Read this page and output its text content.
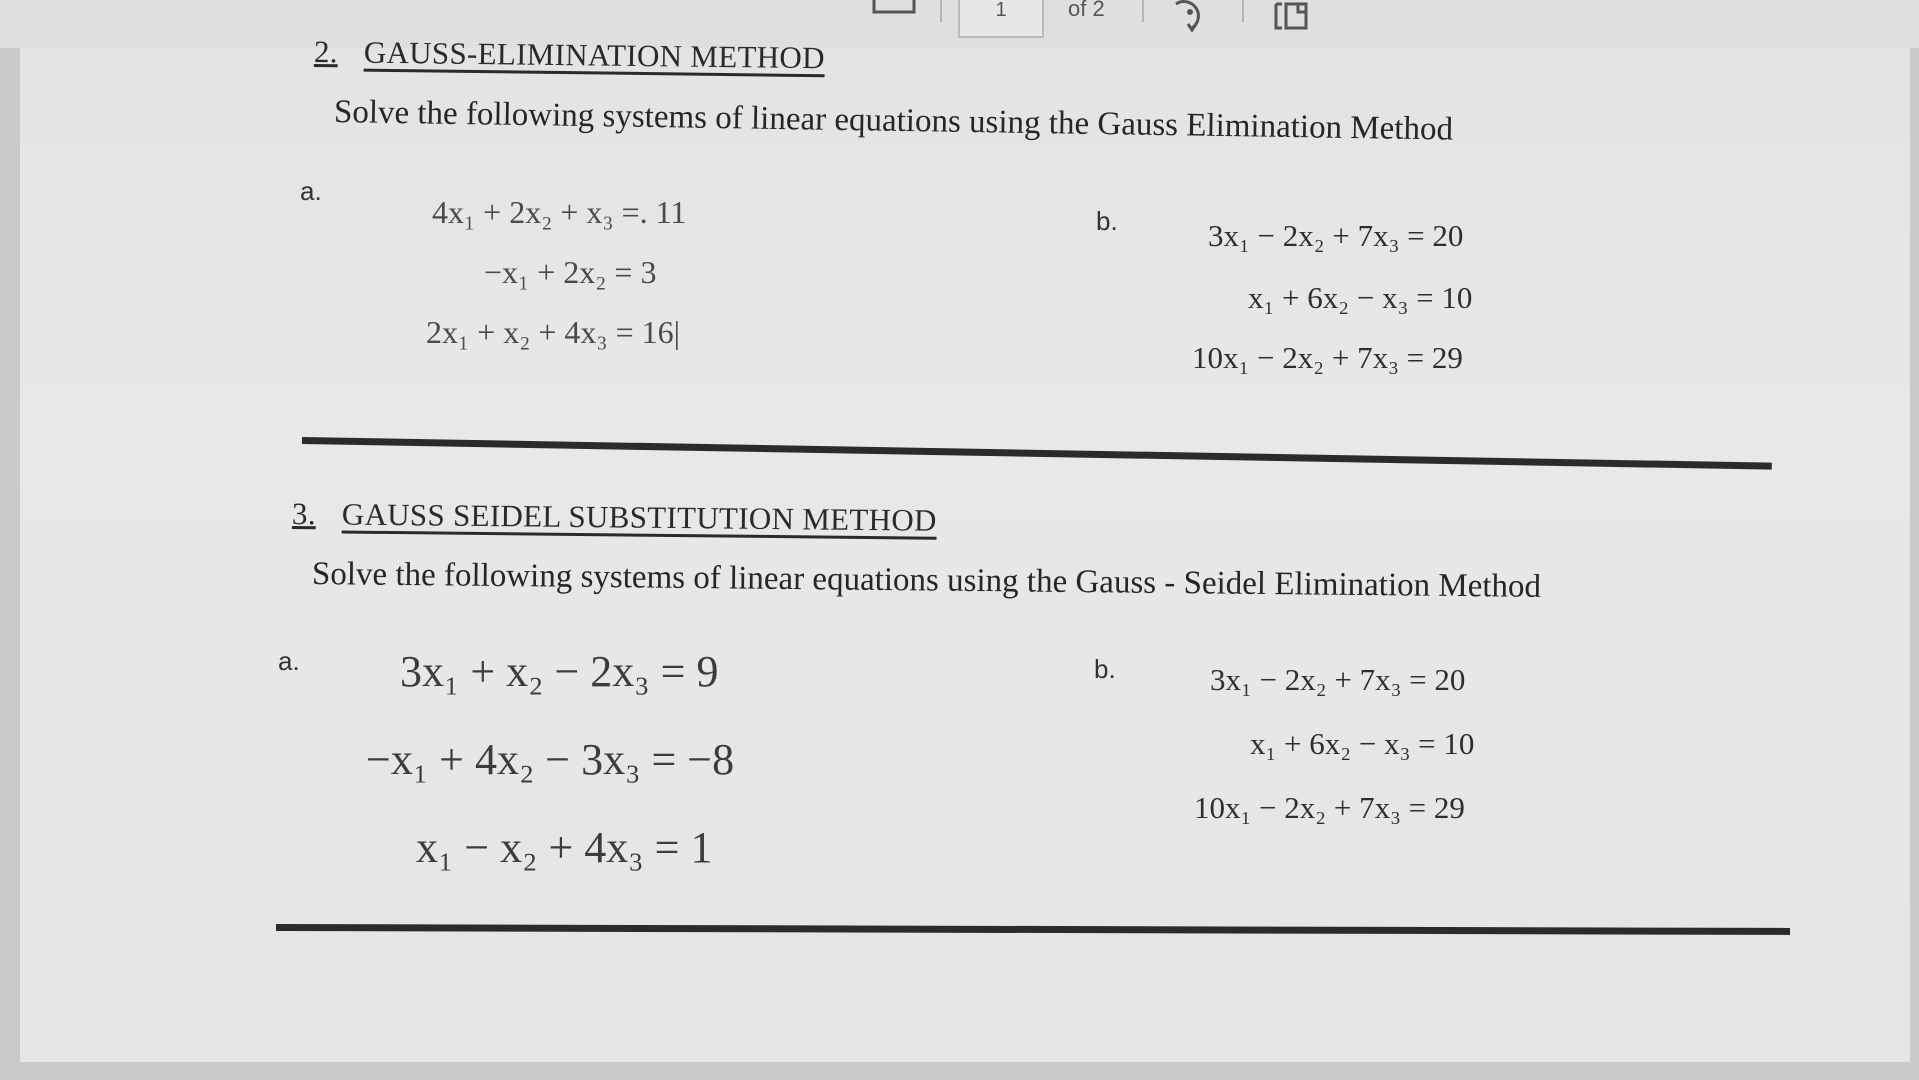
1	of 2
2. GAUSS-ELIMINATION METHOD
Solve the following systems of linear equations using the Gauss Elimination Method
a.
4x₁ + 2x₂ + x₃ =. 11
−x₁ + 2x₂ = 3
2x₁ + x₂ + 4x₃ = 16|
b.	3x₁ − 2x₂ + 7x₃ = 20
x₁ + 6x₂ − x₃ = 10
10x₁ − 2x₂ + 7x₃ = 29
3. GAUSS SEIDEL SUBSTITUTION METHOD
Solve the following systems of linear equations using the Gauss - Seidel Elimination Method
a. 3x₁ + x₂ − 2x₃ = 9
−x₁ + 4x₂ − 3x₃ = −8
x₁ − x₂ + 4x₃ = 1
b.	3x₁ − 2x₂ + 7x₃ = 20
x₁ + 6x₂ − x₃ = 10
10x₁ − 2x₂ + 7x₃ = 29
